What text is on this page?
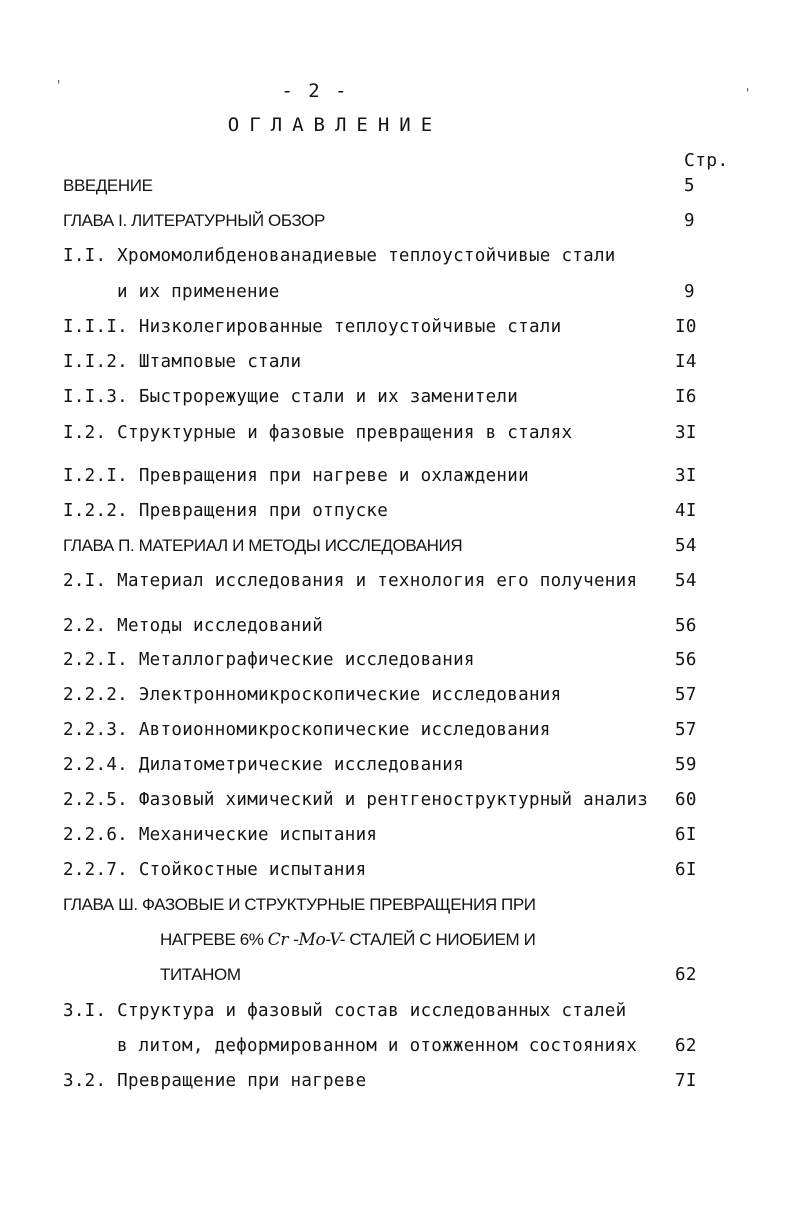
- 2 -
ОГЛАВЛЕНИЕ
Стр.
'
'
ВВЕДЕНИЕ	5
ГЛАВА I. ЛИТЕРАТУРНЫЙ ОБЗОР	9
I.I. Хромомолибденованадиевые теплоустойчивые стали
и их применение	9
I.I.I. Низколегированные теплоустойчивые стали	I0
I.I.2. Штамповые стали	I4
I.I.3. Быстрорежущие стали и их заменители	I6
I.2. Структурные и фазовые превращения в сталях	3I
I.2.I. Превращения при нагреве и охлаждении	3I
I.2.2. Превращения при отпуске	4I
ГЛАВА П. МАТЕРИАЛ И МЕТОДЫ ИССЛЕДОВАНИЯ	54
2.I. Материал исследования и технология его получения 54
2.2. Методы исследований	56
2.2.I. Металлографические исследования	56
2.2.2. Электронномикроскопические исследования	57
2.2.3. Автоионномикроскопические исследования	57
2.2.4. Дилатометрические исследования	59
2.2.5. Фазовый химический и рентгеноструктурный анализ 60
2.2.6. Механические испытания	6I
2.2.7. Стойкостные испытания	6I
ГЛАВА Ш. ФАЗОВЫЕ И СТРУКТУРНЫЕ ПРЕВРАЩЕНИЯ ПРИ
НАГРЕВЕ 6% Cr -Mo-V- СТАЛЕЙ С НИОБИЕМ И
ТИТАНОМ	62
3.I. Структура и фазовый состав исследованных сталей
в литом, деформированном и отожженном состояниях 62
3.2. Превращение при нагреве	7I
